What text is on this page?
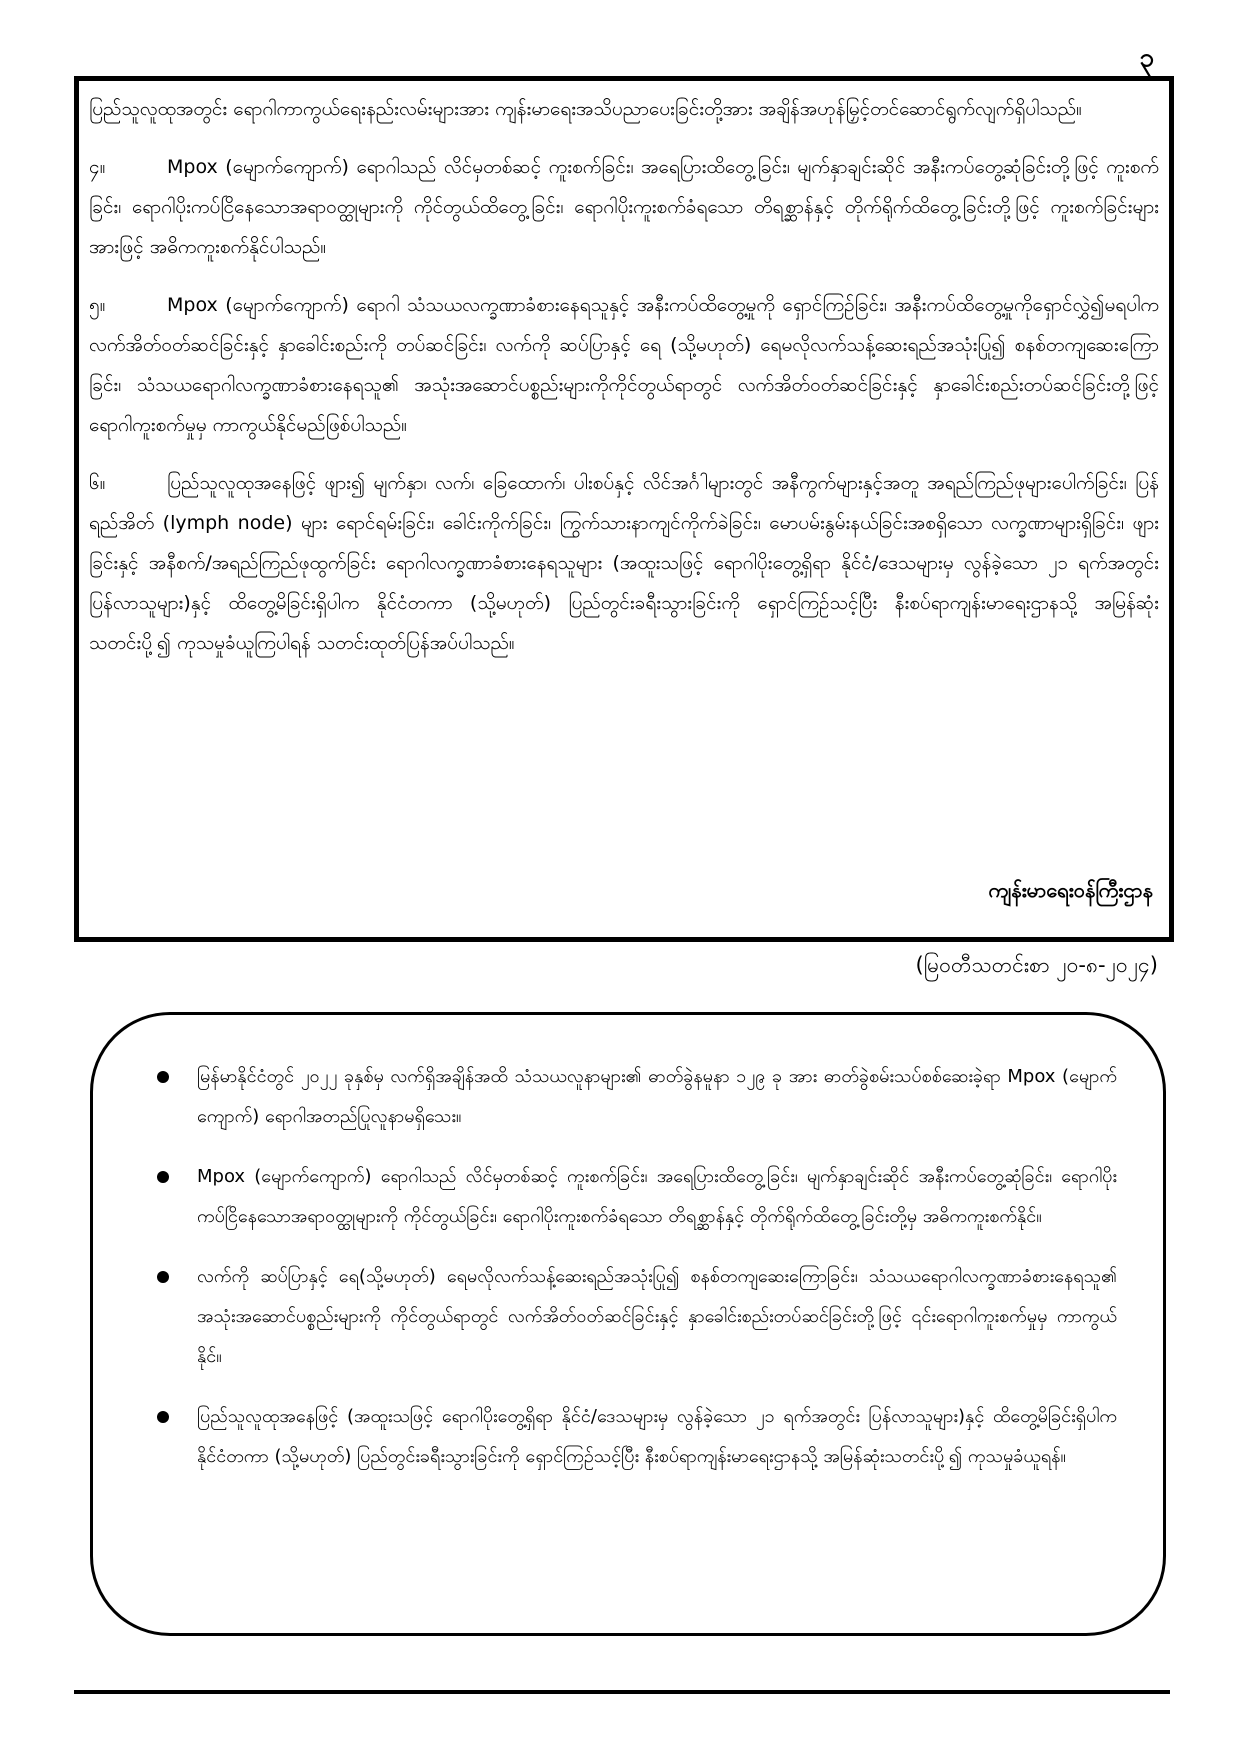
၃

ပြည်သူလူထုအတွင်း ရောဂါကာကွယ်ရေးနည်းလမ်းများအား ကျန်းမာရေးအသိပညာပေးခြင်းတို့အား အချိန်အဟုန်မြှင့်တင်ဆောင်ရွက်လျက်ရှိပါသည်။

၄။	Mpox (မျောက်ကျောက်) ရောဂါသည် လိင်မှတစ်ဆင့် ကူးစက်ခြင်း၊ အရေပြားထိတွေ့ခြင်း၊ မျက်နှာချင်းဆိုင် အနီးကပ်တွေ့ဆုံခြင်းတို့ဖြင့် ကူးစက်ခြင်း၊ ရောဂါပိုးကပ်ငြိနေသောအရာဝတ္ထုများကို ကိုင်တွယ်ထိတွေ့ခြင်း၊ ရောဂါပိုးကူးစက်ခံရသော တိရစ္ဆာန်နှင့် တိုက်ရိုက်ထိတွေ့ခြင်းတို့ဖြင့် ကူးစက်ခြင်းများအားဖြင့် အဓိကကူးစက်နိုင်ပါသည်။

၅။	Mpox (မျောက်ကျောက်) ရောဂါ သံသယလက္ခဏာခံစားနေရသူနှင့် အနီးကပ်ထိတွေ့မှုကို ရှောင်ကြဉ်ခြင်း၊ အနီးကပ်ထိတွေ့မှုကိုရှောင်လွှဲ၍မရပါက လက်အိတ်ဝတ်ဆင်ခြင်းနှင့် နှာခေါင်းစည်းကို တပ်ဆင်ခြင်း၊ လက်ကို ဆပ်ပြာနှင့် ရေ (သို့မဟုတ်) ရေမလိုလက်သန့်ဆေးရည်အသုံးပြု၍ စနစ်တကျဆေးကြောခြင်း၊ သံသယရောဂါလက္ခဏာခံစားနေရသူ၏ အသုံးအဆောင်ပစ္စည်းများကိုကိုင်တွယ်ရာတွင် လက်အိတ်ဝတ်ဆင်ခြင်းနှင့် နှာခေါင်းစည်းတပ်ဆင်ခြင်းတို့ဖြင့် ရောဂါကူးစက်မှုမှ ကာကွယ်နိုင်မည်ဖြစ်ပါသည်။

၆။	ပြည်သူလူထုအနေဖြင့် ဖျား၍ မျက်နှာ၊ လက်၊ ခြေထောက်၊ ပါးစပ်နှင့် လိင်အင်္ဂါများတွင် အနီကွက်များနှင့်အတူ အရည်ကြည်ဖုများပေါက်ခြင်း၊ ပြန်ရည်အိတ် (lymph node) များ ရောင်ရမ်းခြင်း၊ ခေါင်းကိုက်ခြင်း၊ ကြွက်သားနာကျင်ကိုက်ခဲခြင်း၊ မောပမ်းနွမ်းနယ်ခြင်းအစရှိသော လက္ခဏာများရှိခြင်း၊ ဖျားခြင်းနှင့် အနီစက်/အရည်ကြည်ဖုထွက်ခြင်း ရောဂါလက္ခဏာခံစားနေရသူများ (အထူးသဖြင့် ရောဂါပိုးတွေ့ရှိရာ နိုင်ငံ/ဒေသများမှ လွန်ခဲ့သော ၂၁ ရက်အတွင်း ပြန်လာသူများ)နှင့် ထိတွေ့မိခြင်းရှိပါက နိုင်ငံတကာ (သို့မဟုတ်) ပြည်တွင်းခရီးသွားခြင်းကို ရှောင်ကြဉ်သင့်ပြီး နီးစပ်ရာကျန်းမာရေးဌာနသို့ အမြန်ဆုံးသတင်းပို့၍ ကုသမှုခံယူကြပါရန် သတင်းထုတ်ပြန်အပ်ပါသည်။

ကျန်းမာရေးဝန်ကြီးဌာန
(မြဝတီသတင်းစာ ၂၀-၈-၂၀၂၄)
မြန်မာနိုင်ငံတွင် ၂၀၂၂ ခုနှစ်မှ လက်ရှိအချိန်အထိ သံသယလူနာများ၏ ဓာတ်ခွဲနမူနာ ၁၂၉ ခု အား ဓာတ်ခွဲစမ်းသပ်စစ်ဆေးခဲ့ရာ Mpox (မျောက်ကျောက်) ရောဂါအတည်ပြုလူနာမရှိသေး။
Mpox (မျောက်ကျောက်) ရောဂါသည် လိင်မှတစ်ဆင့် ကူးစက်ခြင်း၊ အရေပြားထိတွေ့ခြင်း၊ မျက်နှာချင်းဆိုင် အနီးကပ်တွေ့ဆုံခြင်း၊ ရောဂါပိုးကပ်ငြိနေသောအရာဝတ္ထုများကို ကိုင်တွယ်ခြင်း၊ ရောဂါပိုးကူးစက်ခံရသော တိရစ္ဆာန်နှင့် တိုက်ရိုက်ထိတွေ့ခြင်းတို့မှ အဓိကကူးစက်နိုင်။
လက်ကို ဆပ်ပြာနှင့် ရေ(သို့မဟုတ်) ရေမလိုလက်သန့်ဆေးရည်အသုံးပြု၍ စနစ်တကျဆေးကြောခြင်း၊ သံသယရောဂါလက္ခဏာခံစားနေရသူ၏ အသုံးအဆောင်ပစ္စည်းများကို ကိုင်တွယ်ရာတွင် လက်အိတ်ဝတ်ဆင်ခြင်းနှင့် နှာခေါင်းစည်းတပ်ဆင်ခြင်းတို့ဖြင့် ၎င်းရောဂါကူးစက်မှုမှ ကာကွယ်နိုင်။
ပြည်သူလူထုအနေဖြင့် (အထူးသဖြင့် ရောဂါပိုးတွေ့ရှိရာ နိုင်ငံ/ဒေသများမှ လွန်ခဲ့သော ၂၁ ရက်အတွင်း ပြန်လာသူများ)နှင့် ထိတွေ့မိခြင်းရှိပါက နိုင်ငံတကာ (သို့မဟုတ်) ပြည်တွင်းခရီးသွားခြင်းကို ရှောင်ကြဉ်သင့်ပြီး နီးစပ်ရာကျန်းမာရေးဌာနသို့ အမြန်ဆုံးသတင်းပို့၍ ကုသမှုခံယူရန်။
